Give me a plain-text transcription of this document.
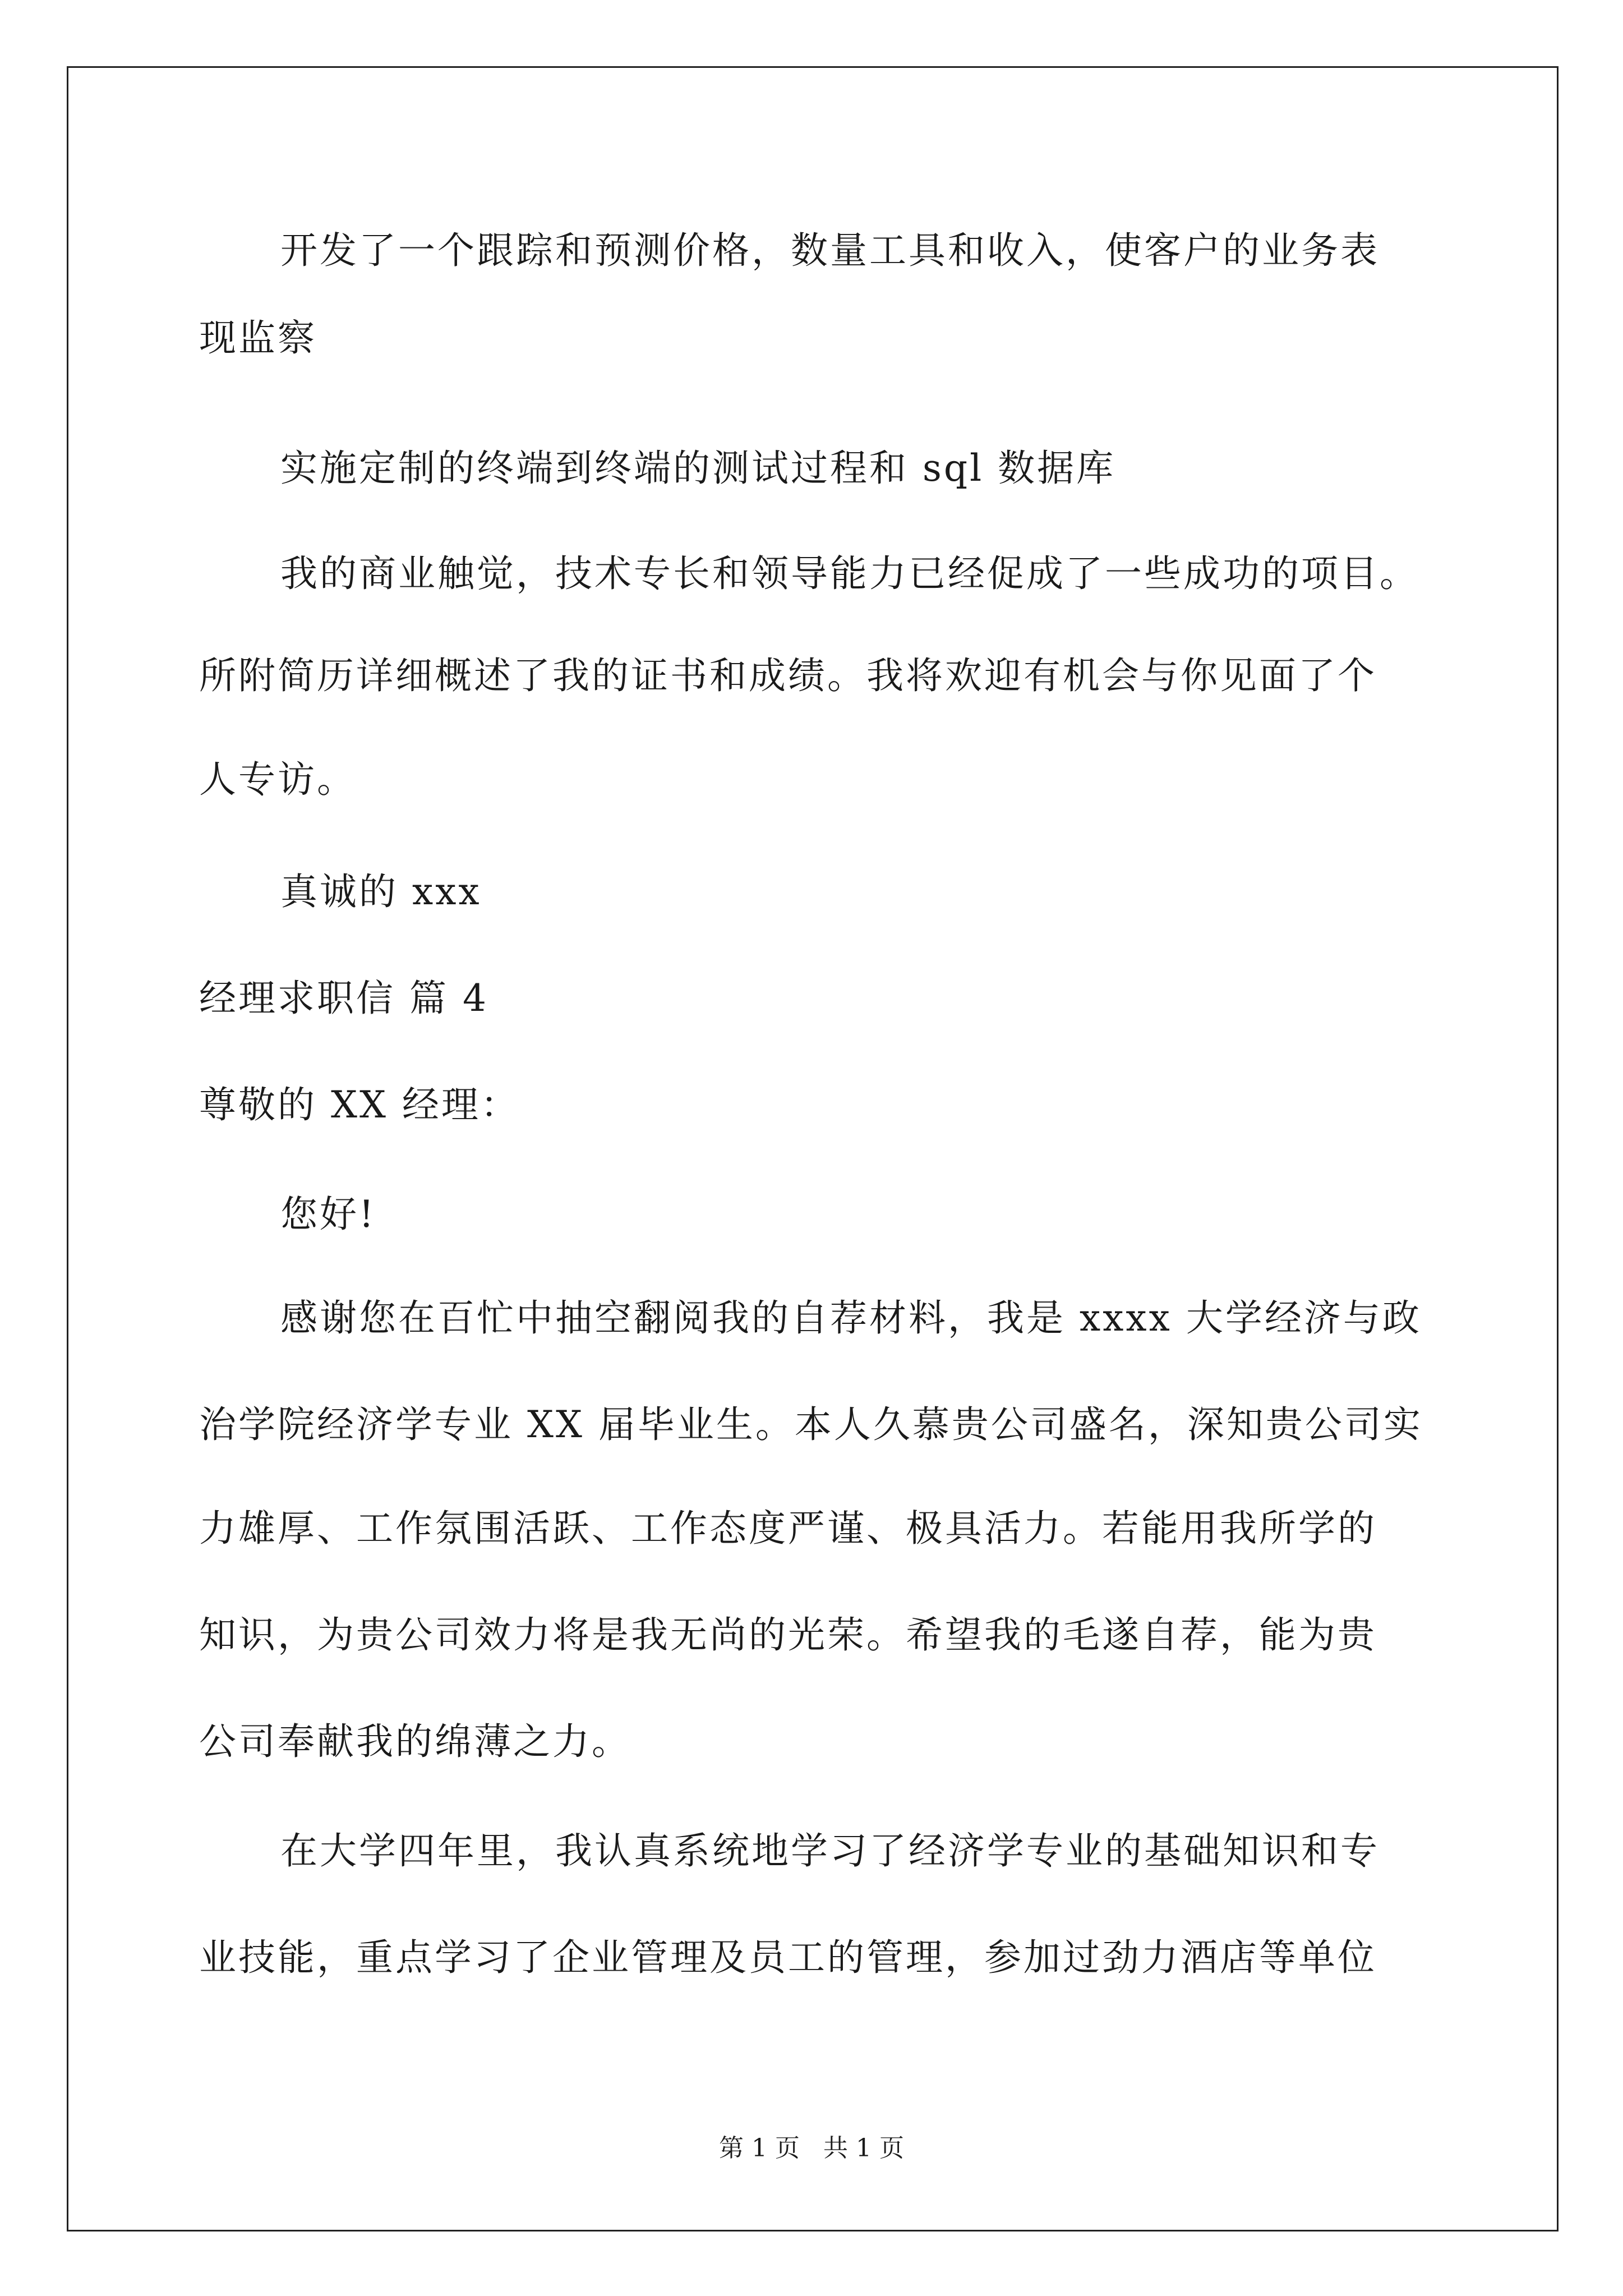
开发了一个跟踪和预测价格，数量工具和收入，使客户的业务表
现监察
实施定制的终端到终端的测试过程和 sql 数据库
我的商业触觉，技术专长和领导能力已经促成了一些成功的项目。
所附简历详细概述了我的证书和成绩。我将欢迎有机会与你见面了个
人专访。
真诚的 xxx
经理求职信 篇 4
尊敬的 XX 经理：
您好!
感谢您在百忙中抽空翻阅我的自荐材料，我是 xxxx 大学经济与政
治学院经济学专业 XX 届毕业生。本人久慕贵公司盛名，深知贵公司实
力雄厚、工作氛围活跃、工作态度严谨、极具活力。若能用我所学的
知识，为贵公司效力将是我无尚的光荣。希望我的毛遂自荐，能为贵
公司奉献我的绵薄之力。
在大学四年里，我认真系统地学习了经济学专业的基础知识和专
业技能，重点学习了企业管理及员工的管理，参加过劲力酒店等单位
第 1 页   共 1 页
